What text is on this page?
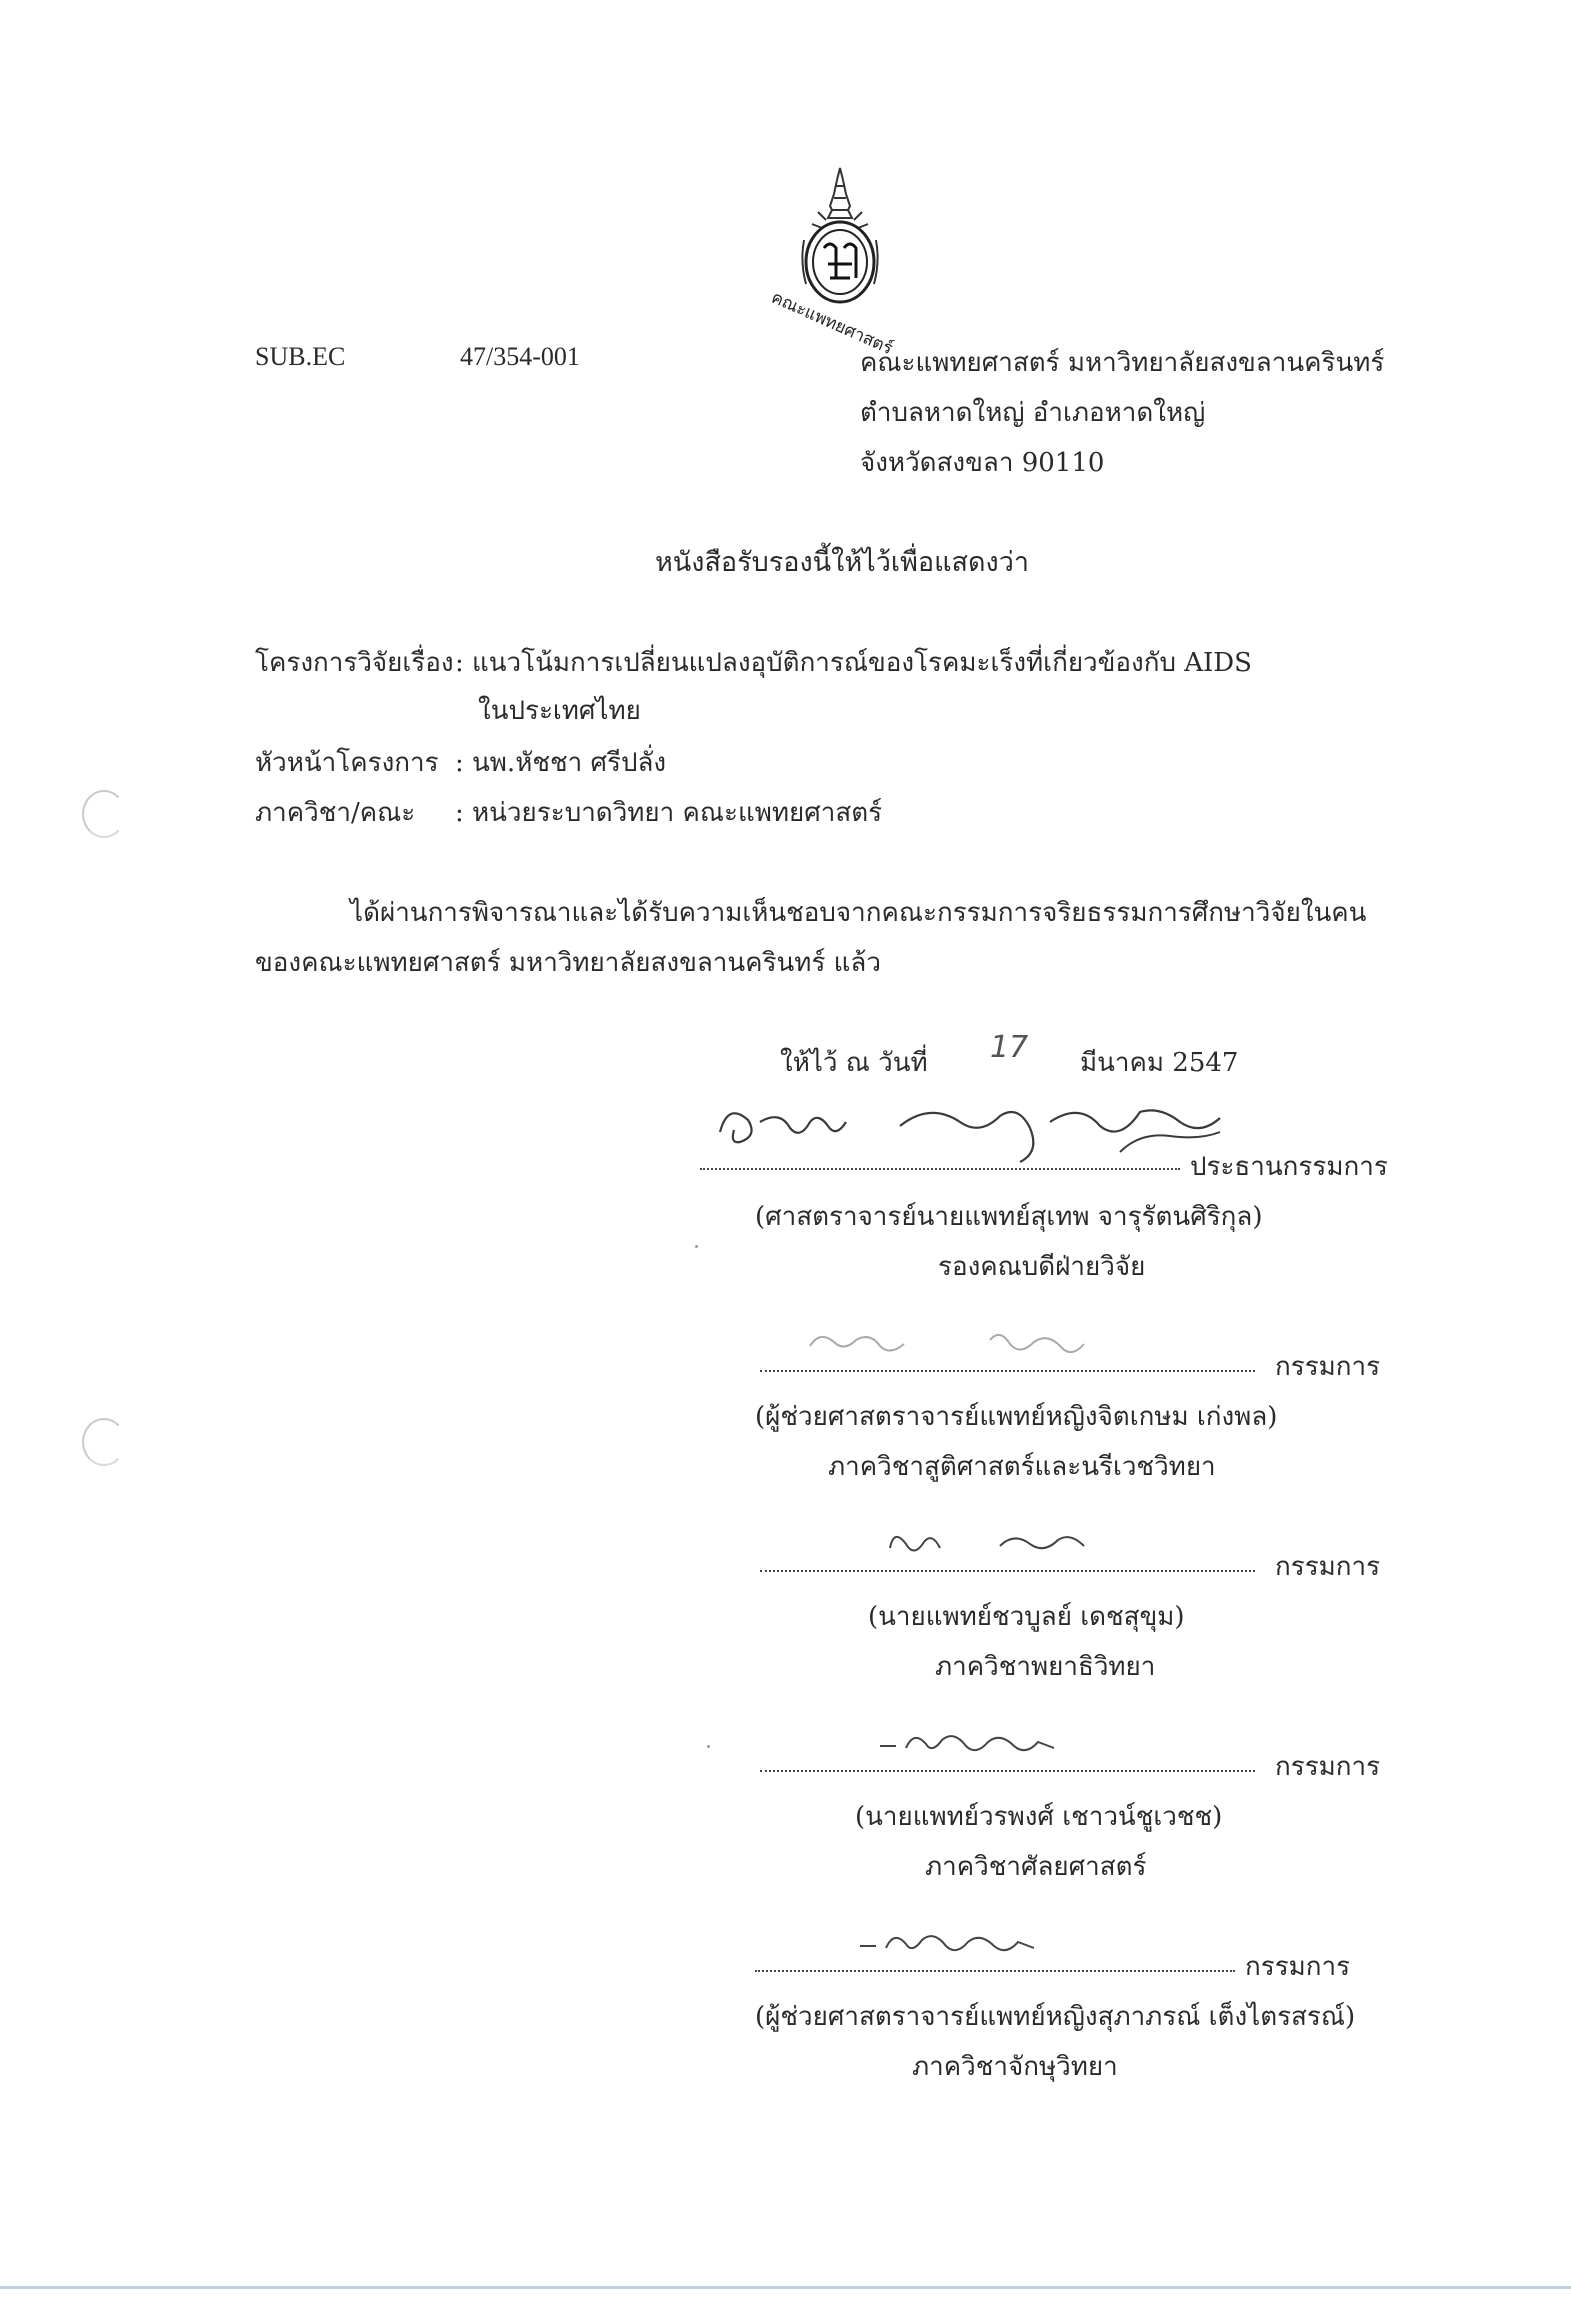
คณะแพทยศาสตร์
SUB.EC	47/354-001	คณะแพทยศาสตร์ มหาวิทยาลัยสงขลานครินทร์
ตำบลหาดใหญ่ อำเภอหาดใหญ่
จังหวัดสงขลา 90110
หนังสือรับรองนี้ให้ไว้เพื่อแสดงว่า
โครงการวิจัยเรื่อง : แนวโน้มการเปลี่ยนแปลงอุบัติการณ์ของโรคมะเร็งที่เกี่ยวข้องกับ AIDS
ในประเทศไทย
หัวหน้าโครงการ : นพ.หัชชา ศรีปลั่ง
ภาควิชา/คณะ : หน่วยระบาดวิทยา คณะแพทยศาสตร์
ได้ผ่านการพิจารณาและได้รับความเห็นชอบจากคณะกรรมการจริยธรรมการศึกษาวิจัยในคน
ของคณะแพทยศาสตร์ มหาวิทยาลัยสงขลานครินทร์ แล้ว
ให้ไว้ ณ วันที่ 17 มีนาคม 2547
ประธานกรรมการ
(ศาสตราจารย์นายแพทย์สุเทพ จารุรัตนศิริกุล)
รองคณบดีฝ่ายวิจัย
กรรมการ
(ผู้ช่วยศาสตราจารย์แพทย์หญิงจิตเกษม เก่งพล)
ภาควิชาสูติศาสตร์และนรีเวชวิทยา
กรรมการ
(นายแพทย์ชวบูลย์ เดชสุขุม)
ภาควิชาพยาธิวิทยา
กรรมการ
(นายแพทย์วรพงศ์ เชาวน์ชูเวชช)
ภาควิชาศัลยศาสตร์
กรรมการ
(ผู้ช่วยศาสตราจารย์แพทย์หญิงสุภาภรณ์ เต็งไตรสรณ์)
ภาควิชาจักษุวิทยา
